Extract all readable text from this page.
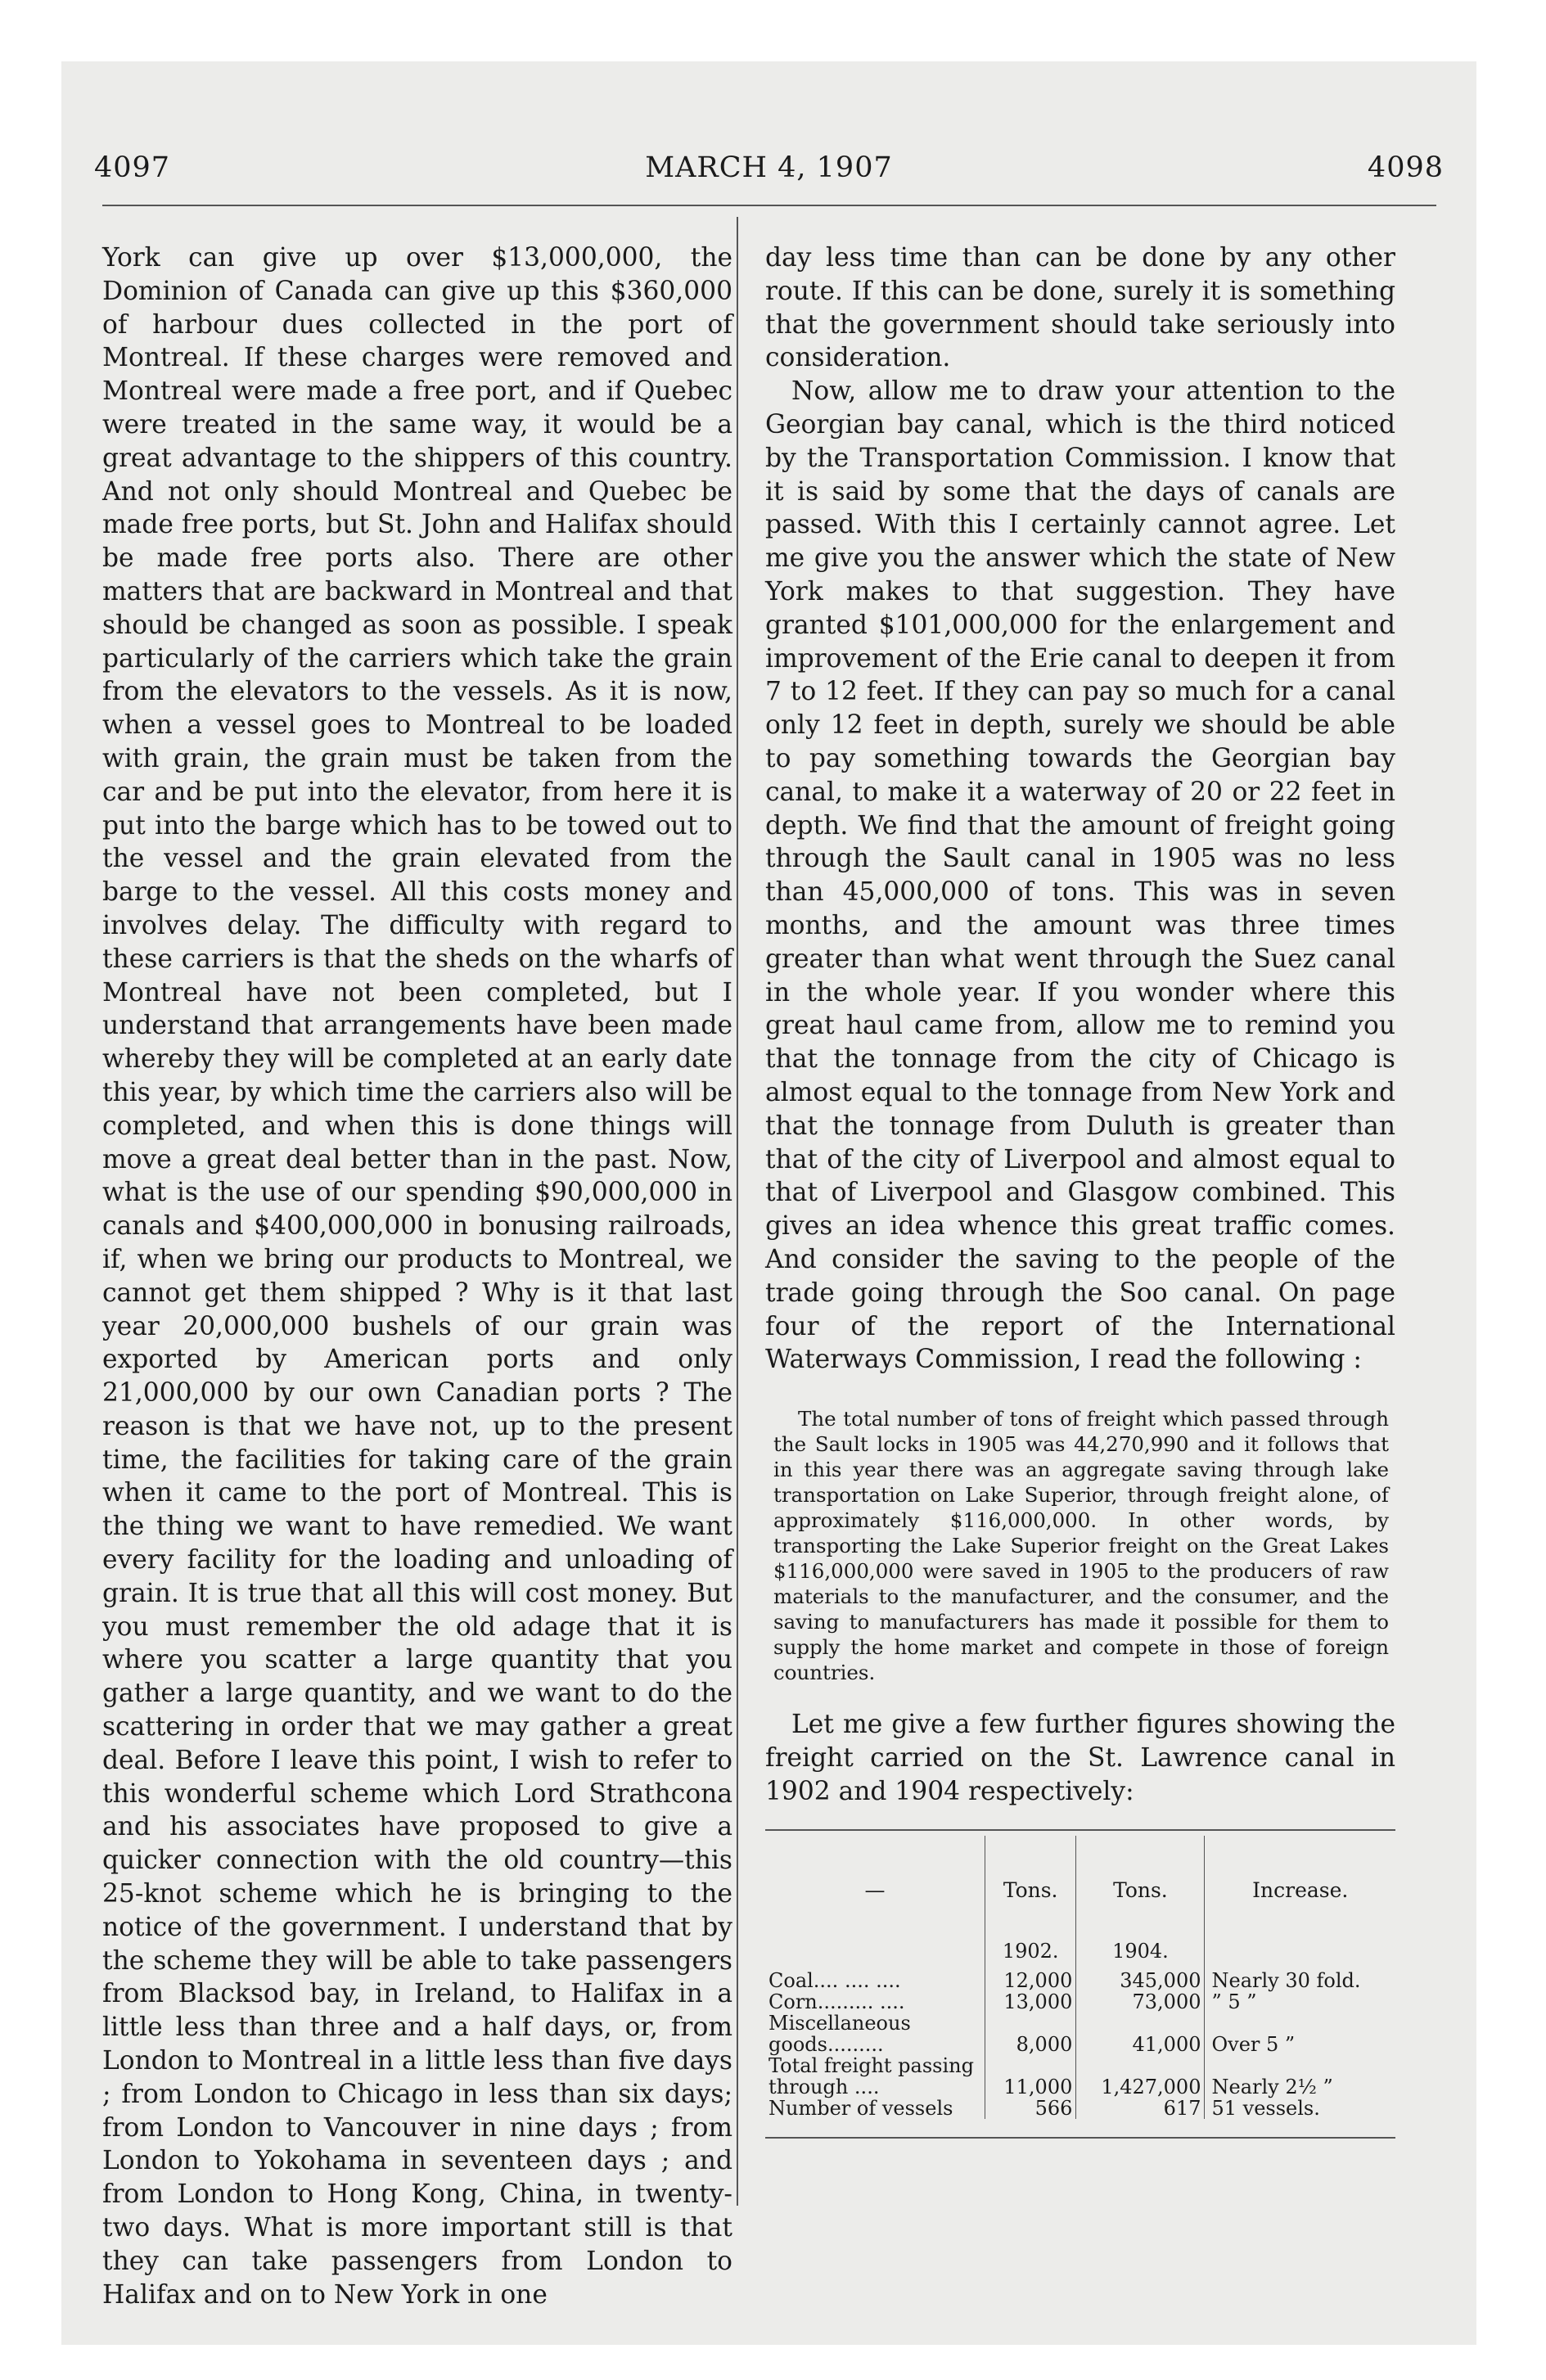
4097	MARCH 4, 1907	4098

York can give up over $13,000,000, the Dominion of Canada can give up this $360,000 of harbour dues collected in the port of Montreal. If these charges were removed and Montreal were made a free port, and if Quebec were treated in the same way, it would be a great advantage to the shippers of this country. And not only should Montreal and Quebec be made free ports, but St. John and Halifax should be made free ports also. There are other matters that are backward in Montreal and that should be changed as soon as possible. I speak particularly of the carriers which take the grain from the elevators to the vessels. As it is now, when a vessel goes to Montreal to be loaded with grain, the grain must be taken from the car and be put into the elevator, from here it is put into the barge which has to be towed out to the vessel and the grain elevated from the barge to the vessel. All this costs money and involves delay. The difficulty with regard to these carriers is that the sheds on the wharfs of Montreal have not been completed, but I understand that arrangements have been made whereby they will be completed at an early date this year, by which time the carriers also will be completed, and when this is done things will move a great deal better than in the past. Now, what is the use of our spending $90,000,000 in canals and $400,000,000 in bonusing railroads, if, when we bring our products to Montreal, we cannot get them shipped ? Why is it that last year 20,000,000 bushels of our grain was exported by American ports and only 21,000,000 by our own Canadian ports ? The reason is that we have not, up to the present time, the facilities for taking care of the grain when it came to the port of Montreal. This is the thing we want to have remedied. We want every facility for the loading and unloading of grain. It is true that all this will cost money. But you must remember the old adage that it is where you scatter a large quantity that you gather a large quantity, and we want to do the scattering in order that we may gather a great deal. Before I leave this point, I wish to refer to this wonderful scheme which Lord Strathcona and his associates have proposed to give a quicker connection with the old country—this 25-knot scheme which he is bringing to the notice of the government. I understand that by the scheme they will be able to take passengers from Blacksod bay, in Ireland, to Halifax in a little less than three and a half days, or, from London to Montreal in a little less than five days ; from London to Chicago in less than six days; from London to Vancouver in nine days ; from London to Yokohama in seventeen days ; and from London to Hong Kong, China, in twenty-two days. What is more important still is that they can take passengers from London to Halifax and on to New York in one

day less time than can be done by any other route. If this can be done, surely it is something that the government should take seriously into consideration.

Now, allow me to draw your attention to the Georgian bay canal, which is the third noticed by the Transportation Commission. I know that it is said by some that the days of canals are passed. With this I certainly cannot agree. Let me give you the answer which the state of New York makes to that suggestion. They have granted $101,000,000 for the enlargement and improvement of the Erie canal to deepen it from 7 to 12 feet. If they can pay so much for a canal only 12 feet in depth, surely we should be able to pay something towards the Georgian bay canal, to make it a waterway of 20 or 22 feet in depth. We find that the amount of freight going through the Sault canal in 1905 was no less than 45,000,000 of tons. This was in seven months, and the amount was three times greater than what went through the Suez canal in the whole year. If you wonder where this great haul came from, allow me to remind you that the tonnage from the city of Chicago is almost equal to the tonnage from New York and that the tonnage from Duluth is greater than that of the city of Liverpool and almost equal to that of Liverpool and Glasgow combined. This gives an idea whence this great traffic comes. And consider the saving to the people of the trade going through the Soo canal. On page four of the report of the International Waterways Commission, I read the following :

The total number of tons of freight which passed through the Sault locks in 1905 was 44,270,990 and it follows that in this year there was an aggregate saving through lake transportation on Lake Superior, through freight alone, of approximately $116,000,000. In other words, by transporting the Lake Superior freight on the Great Lakes $116,000,000 were saved in 1905 to the producers of raw materials to the manufacturer, and the consumer, and the saving to manufacturers has made it possible for them to supply the home market and compete in those of foreign countries.

Let me give a few further figures showing the freight carried on the St. Lawrence canal in 1902 and 1904 respectively:

—	Tons.	Tons.	Increase.
	1902.	1904.	
Coal.... .... ....	12,000	345,000	Nearly 30 fold.
Corn......... ....	13,000	73,000	” 5 ”
Miscellaneous goods.........	8,000	41,000	Over 5 ”
Total freight passing through ....	11,000	1,427,000	Nearly 2½ ”
Number of vessels	566	617	51 vessels.
